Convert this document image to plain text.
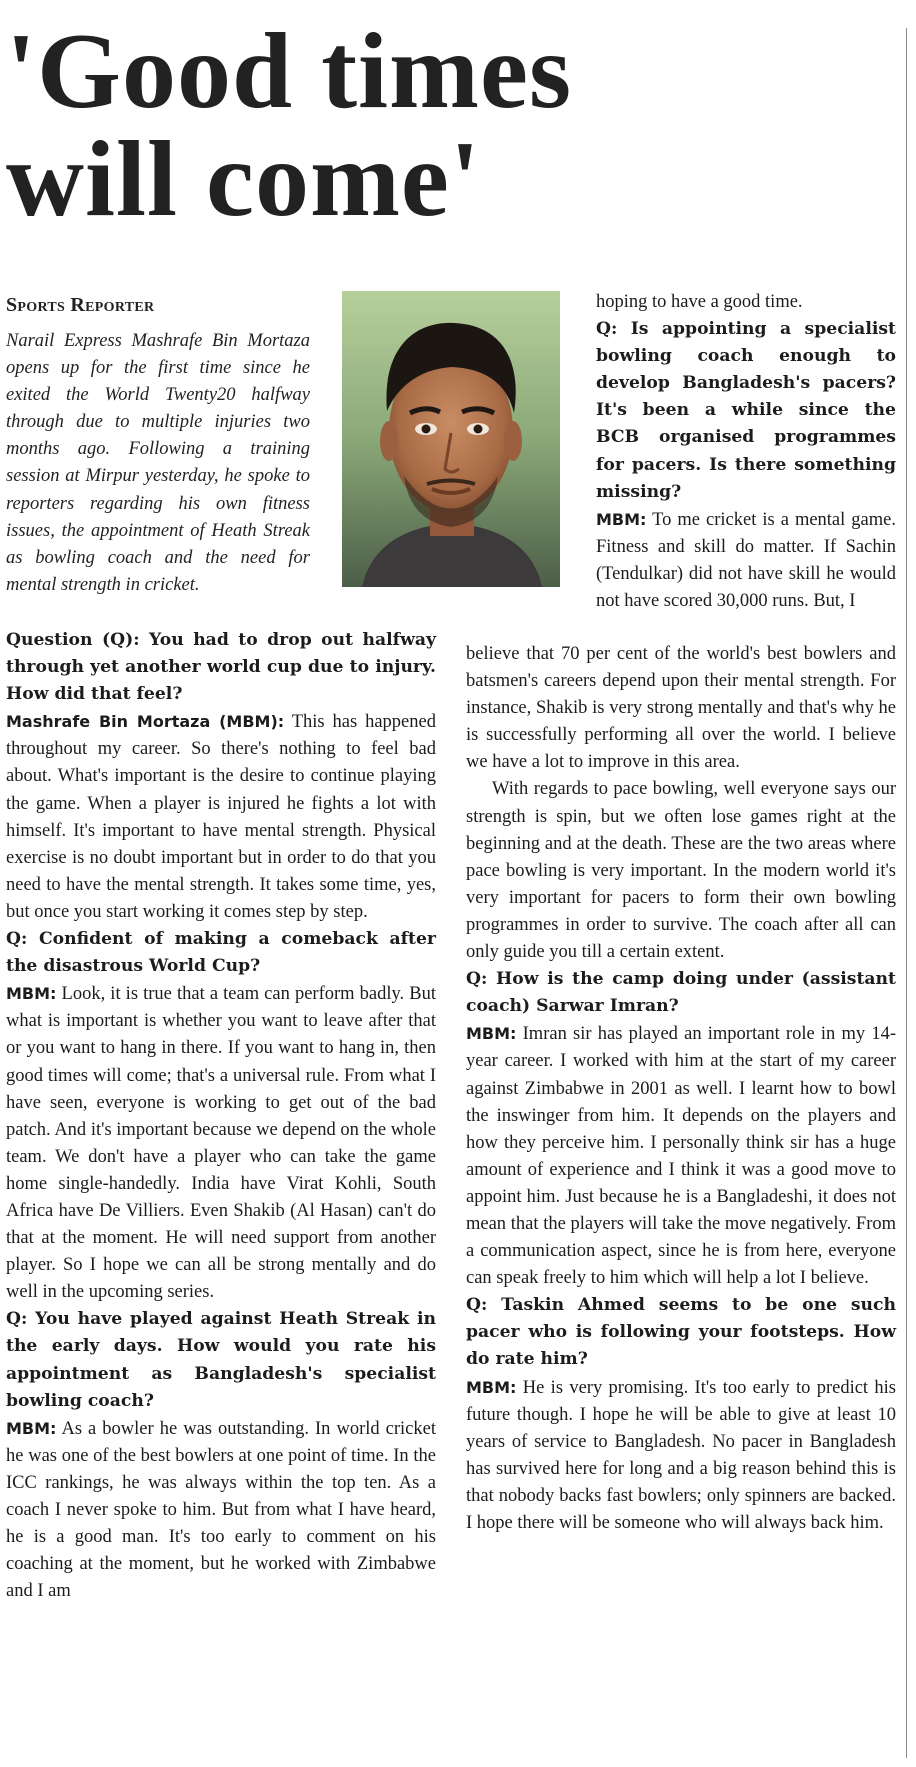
'Good times
will come'
Sports Reporter
Narail Express Mashrafe Bin Mortaza opens up for the first time since he exited the World Twenty20 halfway through due to multiple injuries two months ago. Following a training session at Mirpur yesterday, he spoke to reporters regarding his own fitness issues, the appointment of Heath Streak as bowling coach and the need for mental strength in cricket.

Question (Q): You had to drop out halfway through yet another world cup due to injury. How did that feel?

Mashrafe Bin Mortaza (MBM): This has happened throughout my career. So there's nothing to feel bad about. What's important is the desire to continue playing the game. When a player is injured he fights a lot with himself. It's important to have mental strength. Physical exercise is no doubt important but in order to do that you need to have the mental strength. It takes some time, yes, but once you start working it comes step by step.

Q: Confident of making a comeback after the disastrous World Cup?

MBM: Look, it is true that a team can perform badly. But what is important is whether you want to leave after that or you want to hang in there. If you want to hang in, then good times will come; that's a universal rule. From what I have seen, everyone is working to get out of the bad patch. And it's important because we depend on the whole team. We don't have a player who can take the game home single-handedly. India have Virat Kohli, South Africa have De Villiers. Even Shakib (Al Hasan) can't do that at the moment. He will need support from another player. So I hope we can all be strong mentally and do well in the upcoming series.

Q: You have played against Heath Streak in the early days. How would you rate his appointment as Bangladesh's specialist bowling coach?

MBM: As a bowler he was outstanding. In world cricket he was one of the best bowlers at one point of time. In the ICC rankings, he was always within the top ten. As a coach I never spoke to him. But from what I have heard, he is a good man. It's too early to comment on his coaching at the moment, but he worked with Zimbabwe and I am

hoping to have a good time.

Q: Is appointing a specialist bowling coach enough to develop Bangladesh's pacers? It's been a while since the BCB organised programmes for pacers. Is there something missing?

MBM: To me cricket is a mental game. Fitness and skill do matter. If Sachin (Tendulkar) did not have skill he would not have scored 30,000 runs. But, I

believe that 70 per cent of the world's best bowlers and batsmen's careers depend upon their mental strength. For instance, Shakib is very strong mentally and that's why he is successfully performing all over the world. I believe we have a lot to improve in this area.

With regards to pace bowling, well everyone says our strength is spin, but we often lose games right at the beginning and at the death. These are the two areas where pace bowling is very important. In the modern world it's very important for pacers to form their own bowling programmes in order to survive. The coach after all can only guide you till a certain extent.

Q: How is the camp doing under (assistant coach) Sarwar Imran?

MBM: Imran sir has played an important role in my 14-year career. I worked with him at the start of my career against Zimbabwe in 2001 as well. I learnt how to bowl the inswinger from him. It depends on the players and how they perceive him. I personally think sir has a huge amount of experience and I think it was a good move to appoint him. Just because he is a Bangladeshi, it does not mean that the players will take the move negatively. From a communication aspect, since he is from here, everyone can speak freely to him which will help a lot I believe.

Q: Taskin Ahmed seems to be one such pacer who is following your footsteps. How do rate him?

MBM: He is very promising. It's too early to predict his future though. I hope he will be able to give at least 10 years of service to Bangladesh. No pacer in Bangladesh has survived here for long and a big reason behind this is that nobody backs fast bowlers; only spinners are backed. I hope there will be someone who will always back him.
